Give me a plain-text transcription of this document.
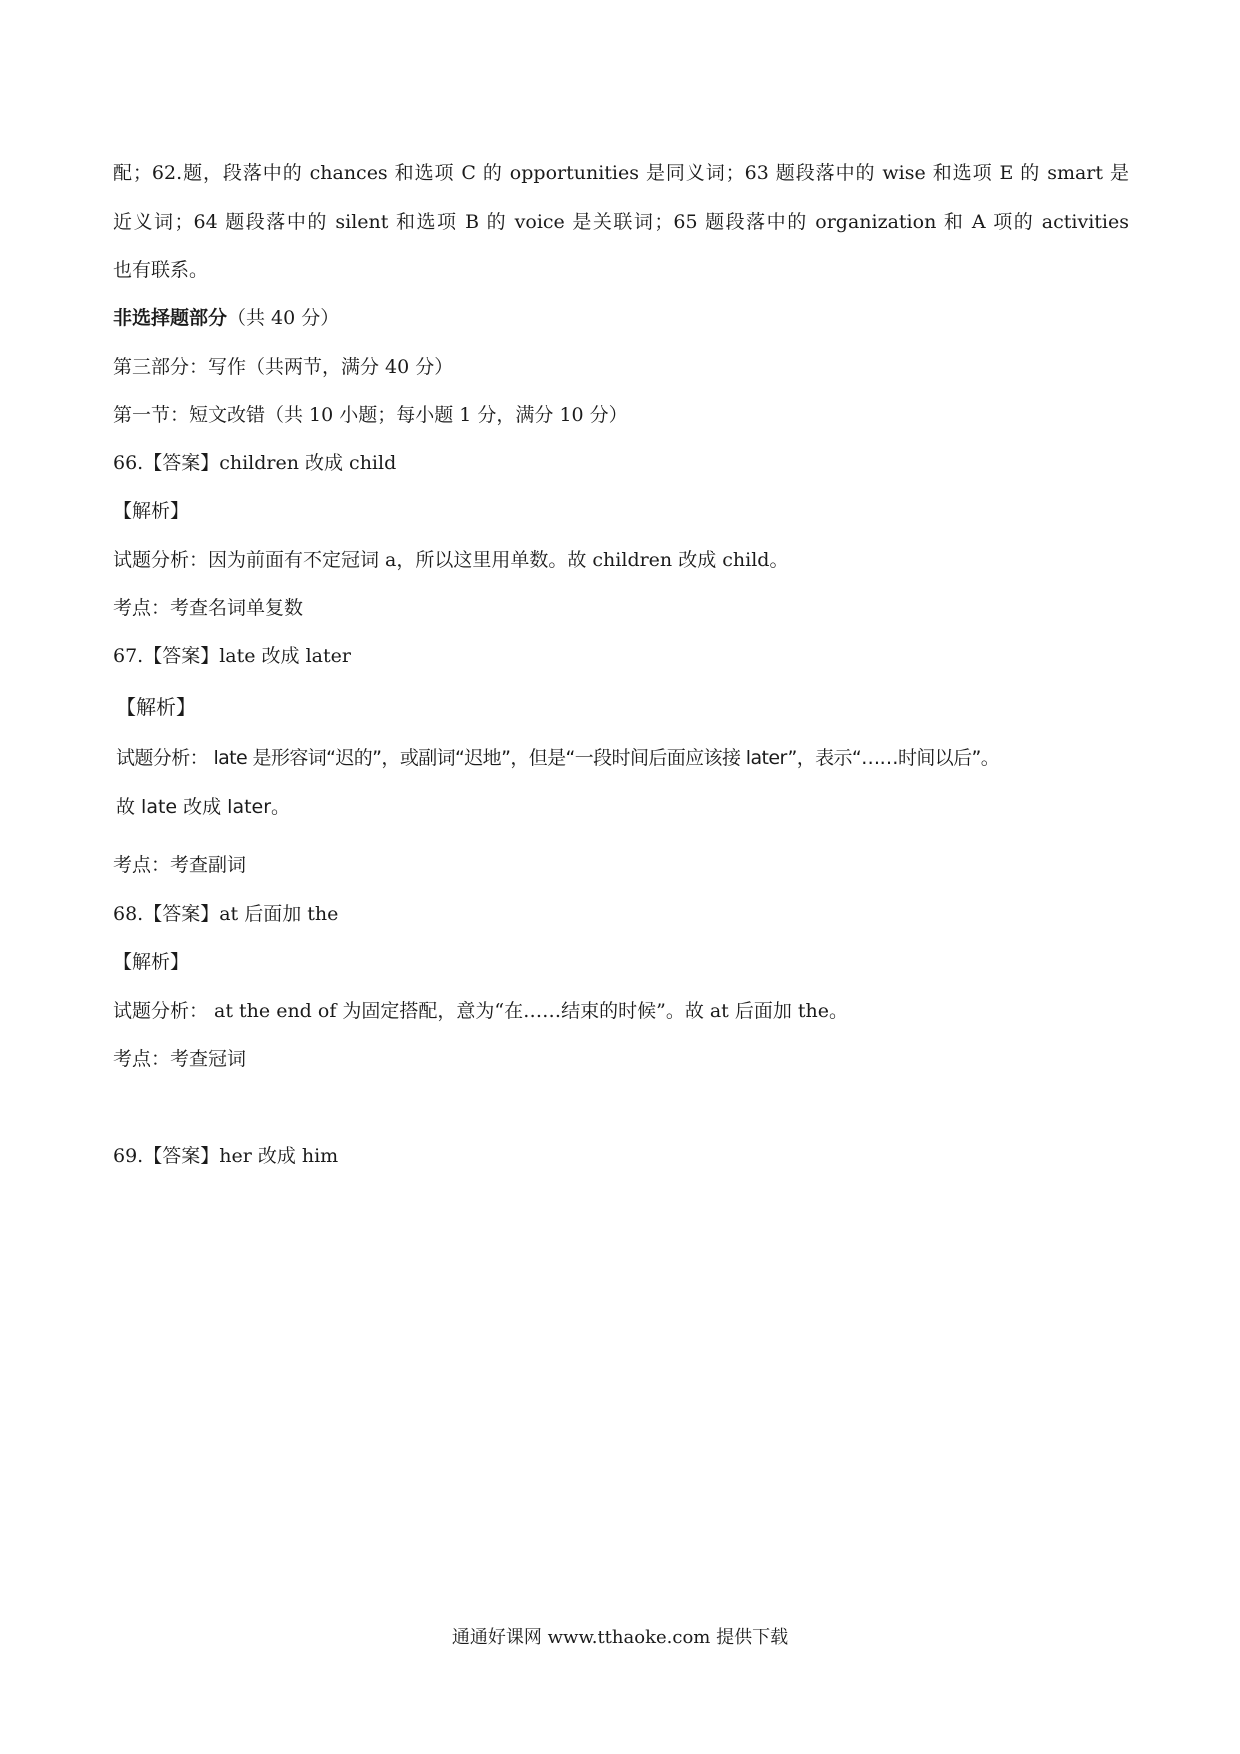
配；62.题，段落中的 chances 和选项 C 的 opportunities 是同义词；63 题段落中的 wise 和选项 E 的 smart 是
近义词；64 题段落中的 silent 和选项 B 的 voice 是关联词；65 题段落中的 organization 和 A 项的 activities
也有联系。
非选择题部分（共 40 分）
第三部分：写作（共两节，满分 40 分）
第一节：短文改错（共 10 小题；每小题 1 分，满分 10 分）
66.【答案】children 改成 child
【解析】
试题分析：因为前面有不定冠词 a，所以这里用单数。故 children 改成 child。
考点：考查名词单复数
67.【答案】late 改成 later
【解析】
试题分析： late 是形容词“迟的”，或副词“迟地”，但是“一段时间后面应该接 later”，表示“……时间以后”。
故 late 改成 later。
考点：考查副词
68.【答案】at 后面加 the
【解析】
试题分析： at the end of 为固定搭配，意为“在……结束的时候”。故 at 后面加 the。
考点：考查冠词
69.【答案】her 改成 him
通通好课网 www.tthaoke.com 提供下载
